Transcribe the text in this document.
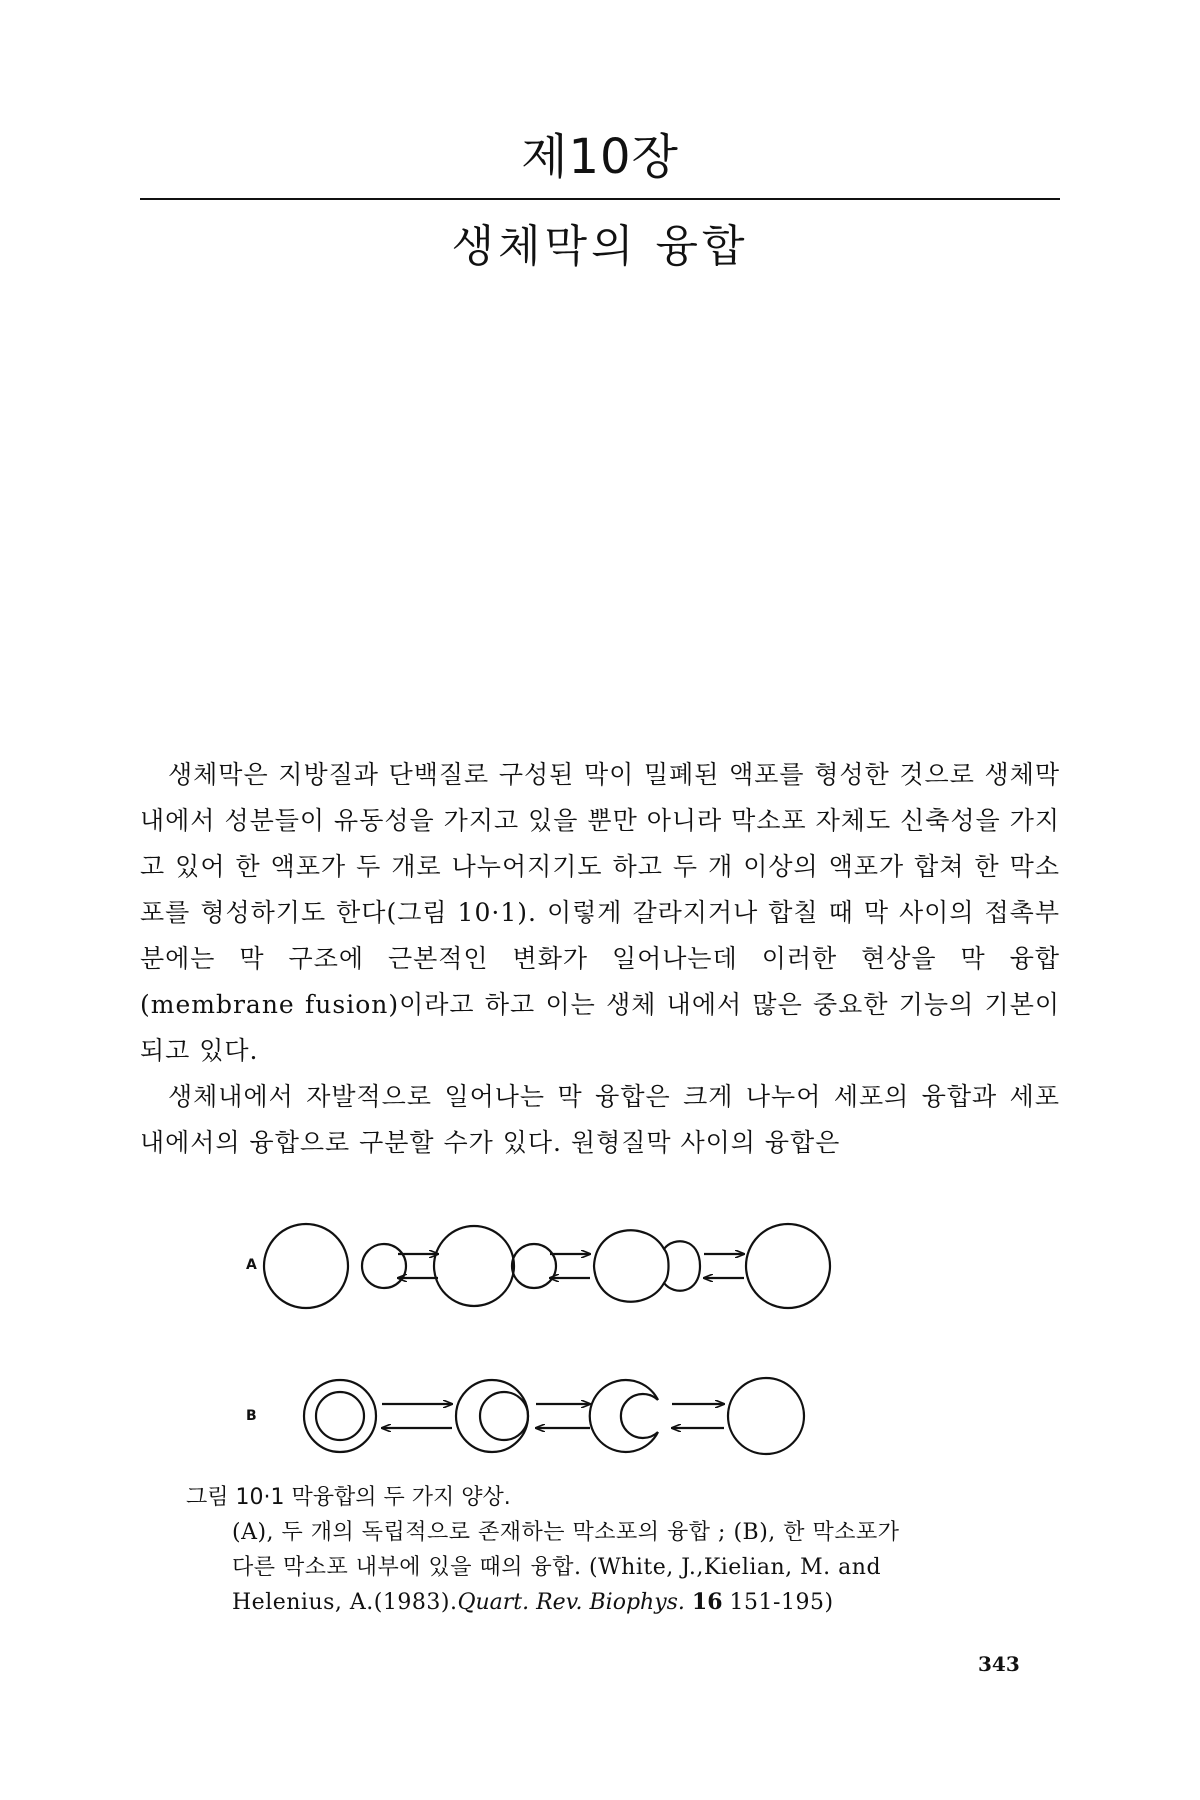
제10장
생체막의 융합

생체막은 지방질과 단백질로 구성된 막이 밀폐된 액포를 형성한 것으로 생체막 내에서 성분들이 유동성을 가지고 있을 뿐만 아니라 막소포 자체도 신축성을 가지고 있어 한 액포가 두 개로 나누어지기도 하고 두 개 이상의 액포가 합쳐 한 막소포를 형성하기도 한다(그림 10·1). 이렇게 갈라지거나 합칠 때 막 사이의 접촉부분에는 막 구조에 근본적인 변화가 일어나는데 이러한 현상을 막 융합(membrane fusion)이라고 하고 이는 생체 내에서 많은 중요한 기능의 기본이 되고 있다.

생체내에서 자발적으로 일어나는 막 융합은 크게 나누어 세포의 융합과 세포 내에서의 융합으로 구분할 수가 있다. 원형질막 사이의 융합은

A
B
그림 10·1 막융합의 두 가지 양상.
(A), 두 개의 독립적으로 존재하는 막소포의 융합 ; (B), 한 막소포가
다른 막소포 내부에 있을 때의 융합. (White, J.,Kielian, M. and
Helenius, A.(1983).Quart. Rev. Biophys. 16 151-195)
343
